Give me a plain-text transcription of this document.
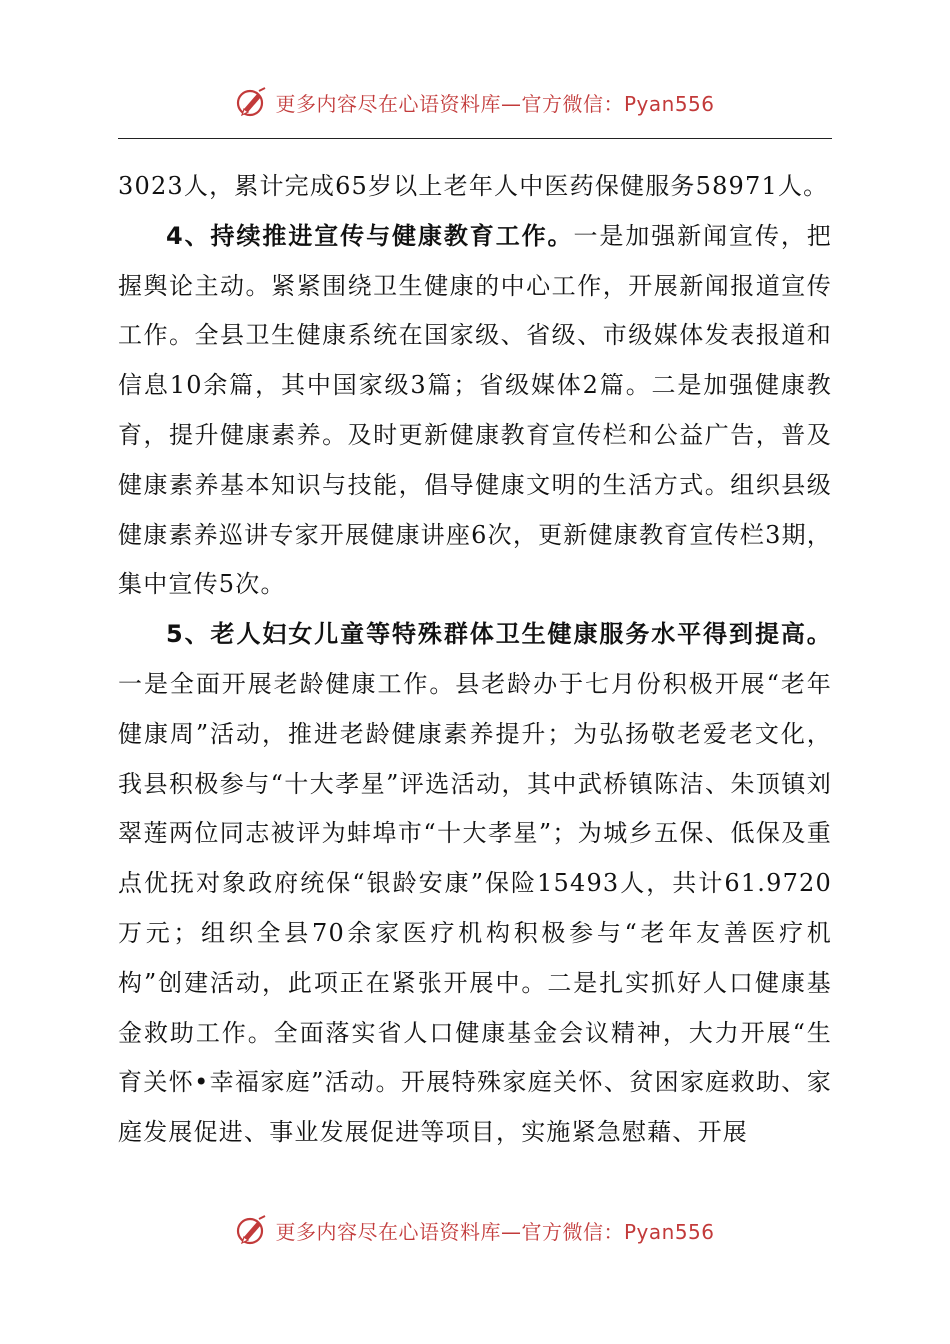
更多内容尽在心语资料库—官方微信：Pyan556

3023人，累计完成65岁以上老年人中医药保健服务58971人。

4、持续推进宣传与健康教育工作。一是加强新闻宣传，把握舆论主动。紧紧围绕卫生健康的中心工作，开展新闻报道宣传工作。全县卫生健康系统在国家级、省级、市级媒体发表报道和信息10余篇，其中国家级3篇；省级媒体2篇。二是加强健康教育，提升健康素养。及时更新健康教育宣传栏和公益广告，普及健康素养基本知识与技能，倡导健康文明的生活方式。组织县级健康素养巡讲专家开展健康讲座6次，更新健康教育宣传栏3期，集中宣传5次。

5、老人妇女儿童等特殊群体卫生健康服务水平得到提高。一是全面开展老龄健康工作。县老龄办于七月份积极开展“老年健康周”活动，推进老龄健康素养提升；为弘扬敬老爱老文化，我县积极参与“十大孝星”评选活动，其中武桥镇陈洁、朱顶镇刘翠莲两位同志被评为蚌埠市“十大孝星”；为城乡五保、低保及重点优抚对象政府统保“银龄安康”保险15493人，共计61.9720万元；组织全县70余家医疗机构积极参与“老年友善医疗机构”创建活动，此项正在紧张开展中。二是扎实抓好人口健康基金救助工作。全面落实省人口健康基金会议精神，大力开展“生育关怀•幸福家庭”活动。开展特殊家庭关怀、贫困家庭救助、家庭发展促进、事业发展促进等项目，实施紧急慰藉、开展

更多内容尽在心语资料库—官方微信：Pyan556
